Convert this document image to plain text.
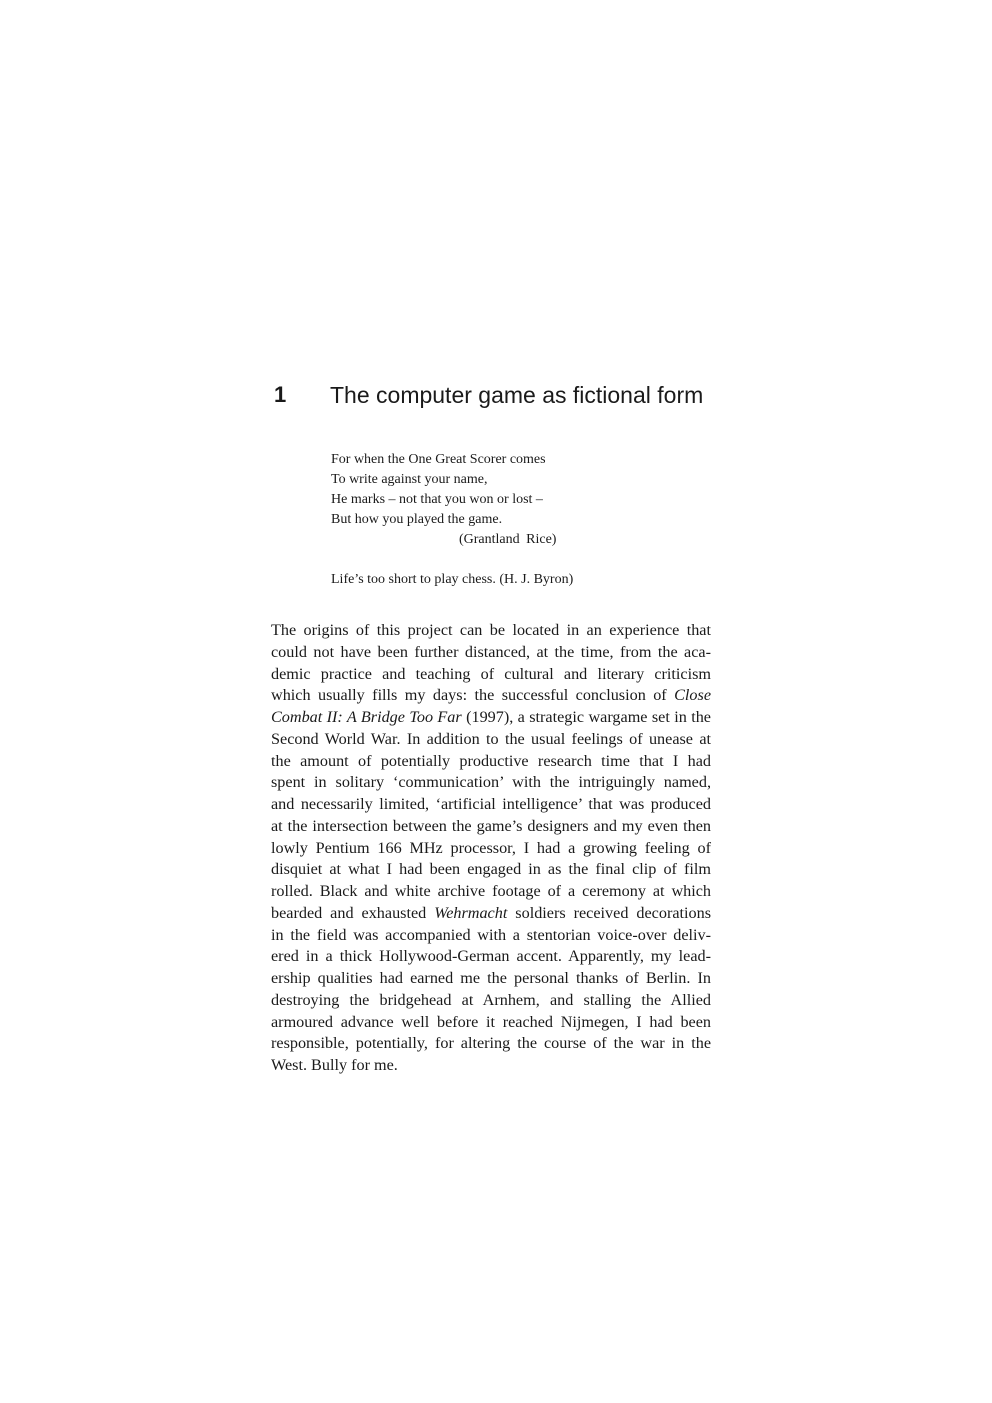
1 The computer game as fictional form
For when the One Great Scorer comes
To write against your name,
He marks – not that you won or lost –
But how you played the game.
(Grantland Rice)
Life’s too short to play chess. (H. J. Byron)
The origins of this project can be located in an experience that
could not have been further distanced, at the time, from the aca-
demic practice and teaching of cultural and literary criticism
which usually fills my days: the successful conclusion of Close
Combat II: A Bridge Too Far (1997), a strategic wargame set in the
Second World War. In addition to the usual feelings of unease at
the amount of potentially productive research time that I had
spent in solitary ‘communication’ with the intriguingly named,
and necessarily limited, ‘artificial intelligence’ that was produced
at the intersection between the game’s designers and my even then
lowly Pentium 166 MHz processor, I had a growing feeling of
disquiet at what I had been engaged in as the final clip of film
rolled. Black and white archive footage of a ceremony at which
bearded and exhausted Wehrmacht soldiers received decorations
in the field was accompanied with a stentorian voice-over deliv-
ered in a thick Hollywood-German accent. Apparently, my lead-
ership qualities had earned me the personal thanks of Berlin. In
destroying the bridgehead at Arnhem, and stalling the Allied
armoured advance well before it reached Nijmegen, I had been
responsible, potentially, for altering the course of the war in the
West. Bully for me.
